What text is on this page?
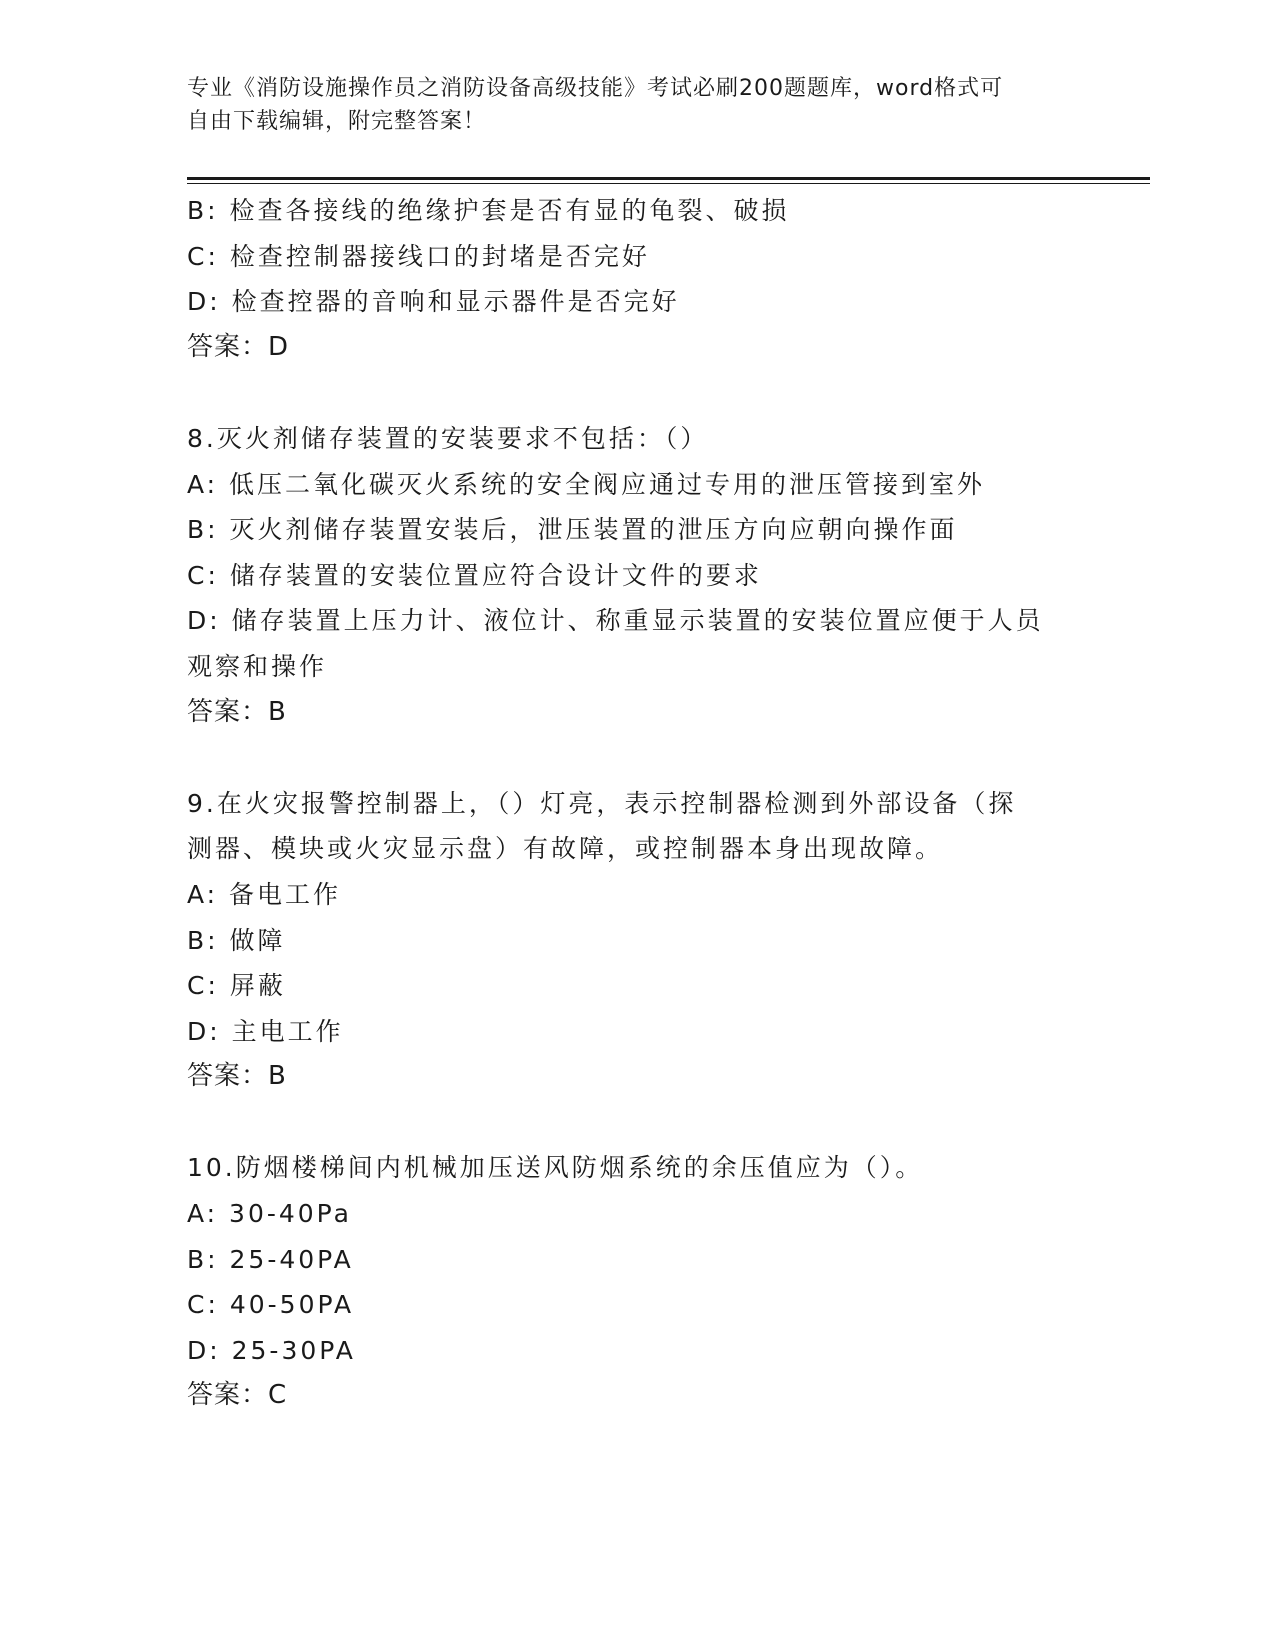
专业《消防设施操作员之消防设备高级技能》考试必刷200题题库，word格式可
自由下载编辑，附完整答案！
B: 检查各接线的绝缘护套是否有显的龟裂、破损
C: 检查控制器接线口的封堵是否完好
D: 检查控器的音响和显示器件是否完好
答案：D
8.灭火剂储存装置的安装要求不包括：（）
A: 低压二氧化碳灭火系统的安全阀应通过专用的泄压管接到室外
B: 灭火剂储存装置安装后，泄压装置的泄压方向应朝向操作面
C: 储存装置的安装位置应符合设计文件的要求
D: 储存装置上压力计、液位计、称重显示装置的安装位置应便于人员
观察和操作
答案：B
9.在火灾报警控制器上，（）灯亮，表示控制器检测到外部设备（探
测器、模块或火灾显示盘）有故障，或控制器本身出现故障。
A: 备电工作
B: 做障
C: 屏蔽
D: 主电工作
答案：B
10.防烟楼梯间内机械加压送风防烟系统的余压值应为（）。
A: 30-40Pa
B: 25-40PA
C: 40-50PA
D: 25-30PA
答案：C
